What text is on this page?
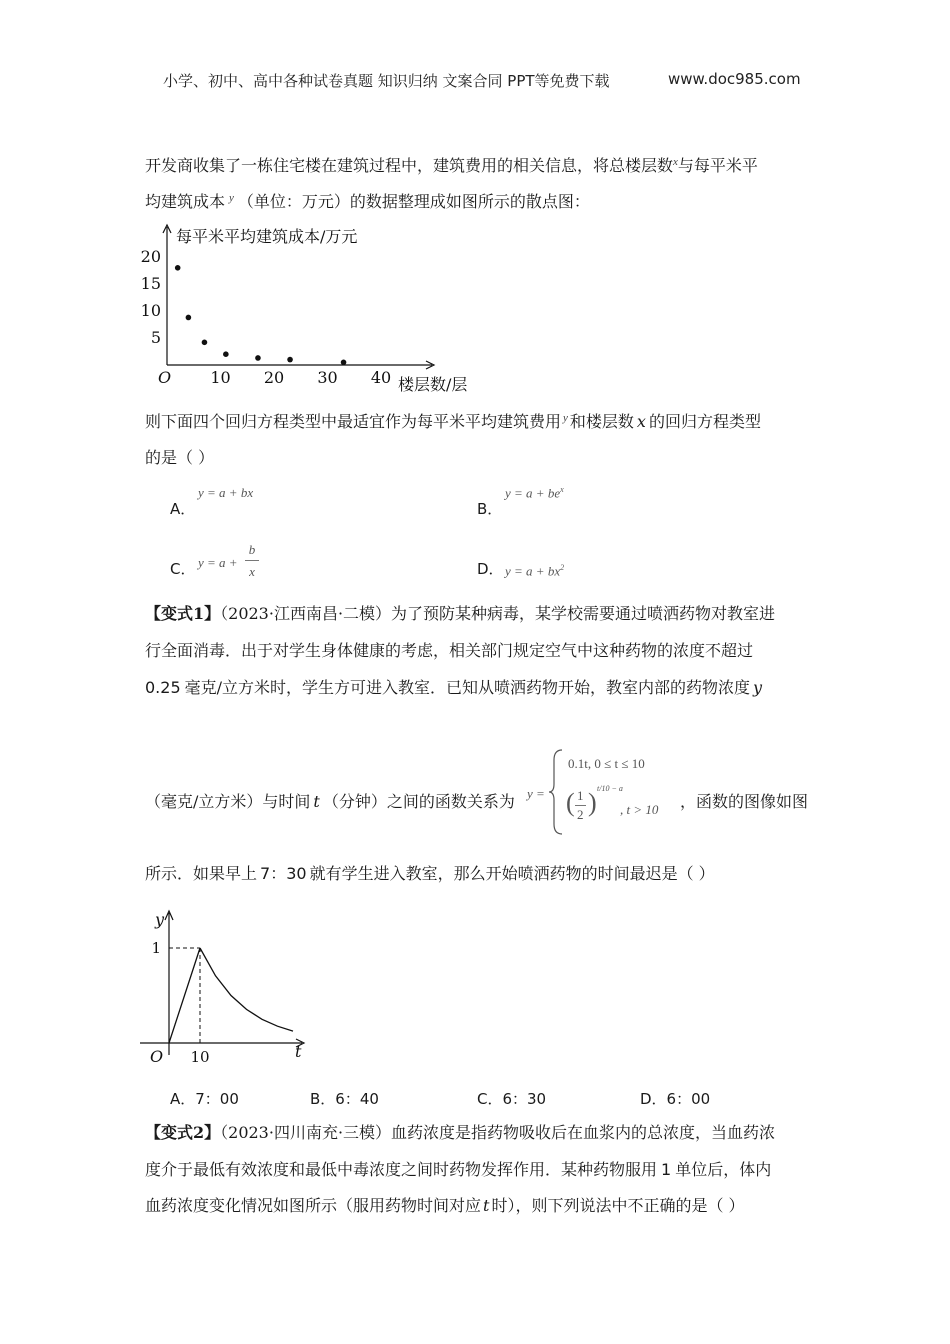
小学、初中、高中各种试卷真题 知识归纳 文案合同 PPT等免费下载	www.doc985.com
开发商收集了一栋住宅楼在建筑过程中，建筑费用的相关信息，将总楼层数$^x$与每平米平
均建筑成本 $^y$ （单位：万元）的数据整理成如图所示的散点图：
每平米平均建筑成本/万元
楼层数/层
O 10 20 30 40
5
10
15
20
则下面四个回归方程类型中最适宜作为每平米平均建筑费用 $^y$ 和楼层数 x 的回归方程类型
的是（ ）
A．
y = a + bx
B．
$y = a + be^x$
C． y = a +
b
x	D． $y = a + bx^2$
【变式1】（2023·江西南昌·二模）为了预防某种病毒，某学校需要通过喷洒药物对教室进
行全面消毒．出于对学生身体健康的考虑，相关部门规定空气中这种药物的浓度不超过
0.25 毫克/立方米时，学生方可进入教室．已知从喷洒药物开始，教室内部的药物浓度 y
（毫克/立方米）与时间 t （分钟）之间的函数关系为 y =
0.1t, 0 ≤ t ≤ 10
( 1
2 ) t/10 − a
, t > 10 ，函数的图像如图
所示．如果早上 7：30 就有学生进入教室，那么开始喷洒药物的时间最迟是（ ）
y
t
O
1
10
A．7：00	B．6：40	C．6：30	D．6：00
【变式2】（2023·四川南充·三模）血药浓度是指药物吸收后在血浆内的总浓度，当血药浓
度介于最低有效浓度和最低中毒浓度之间时药物发挥作用．某种药物服用 1 单位后，体内
血药浓度变化情况如图所示（服用药物时间对应 t 时），则下列说法中不正确的是（ ）
